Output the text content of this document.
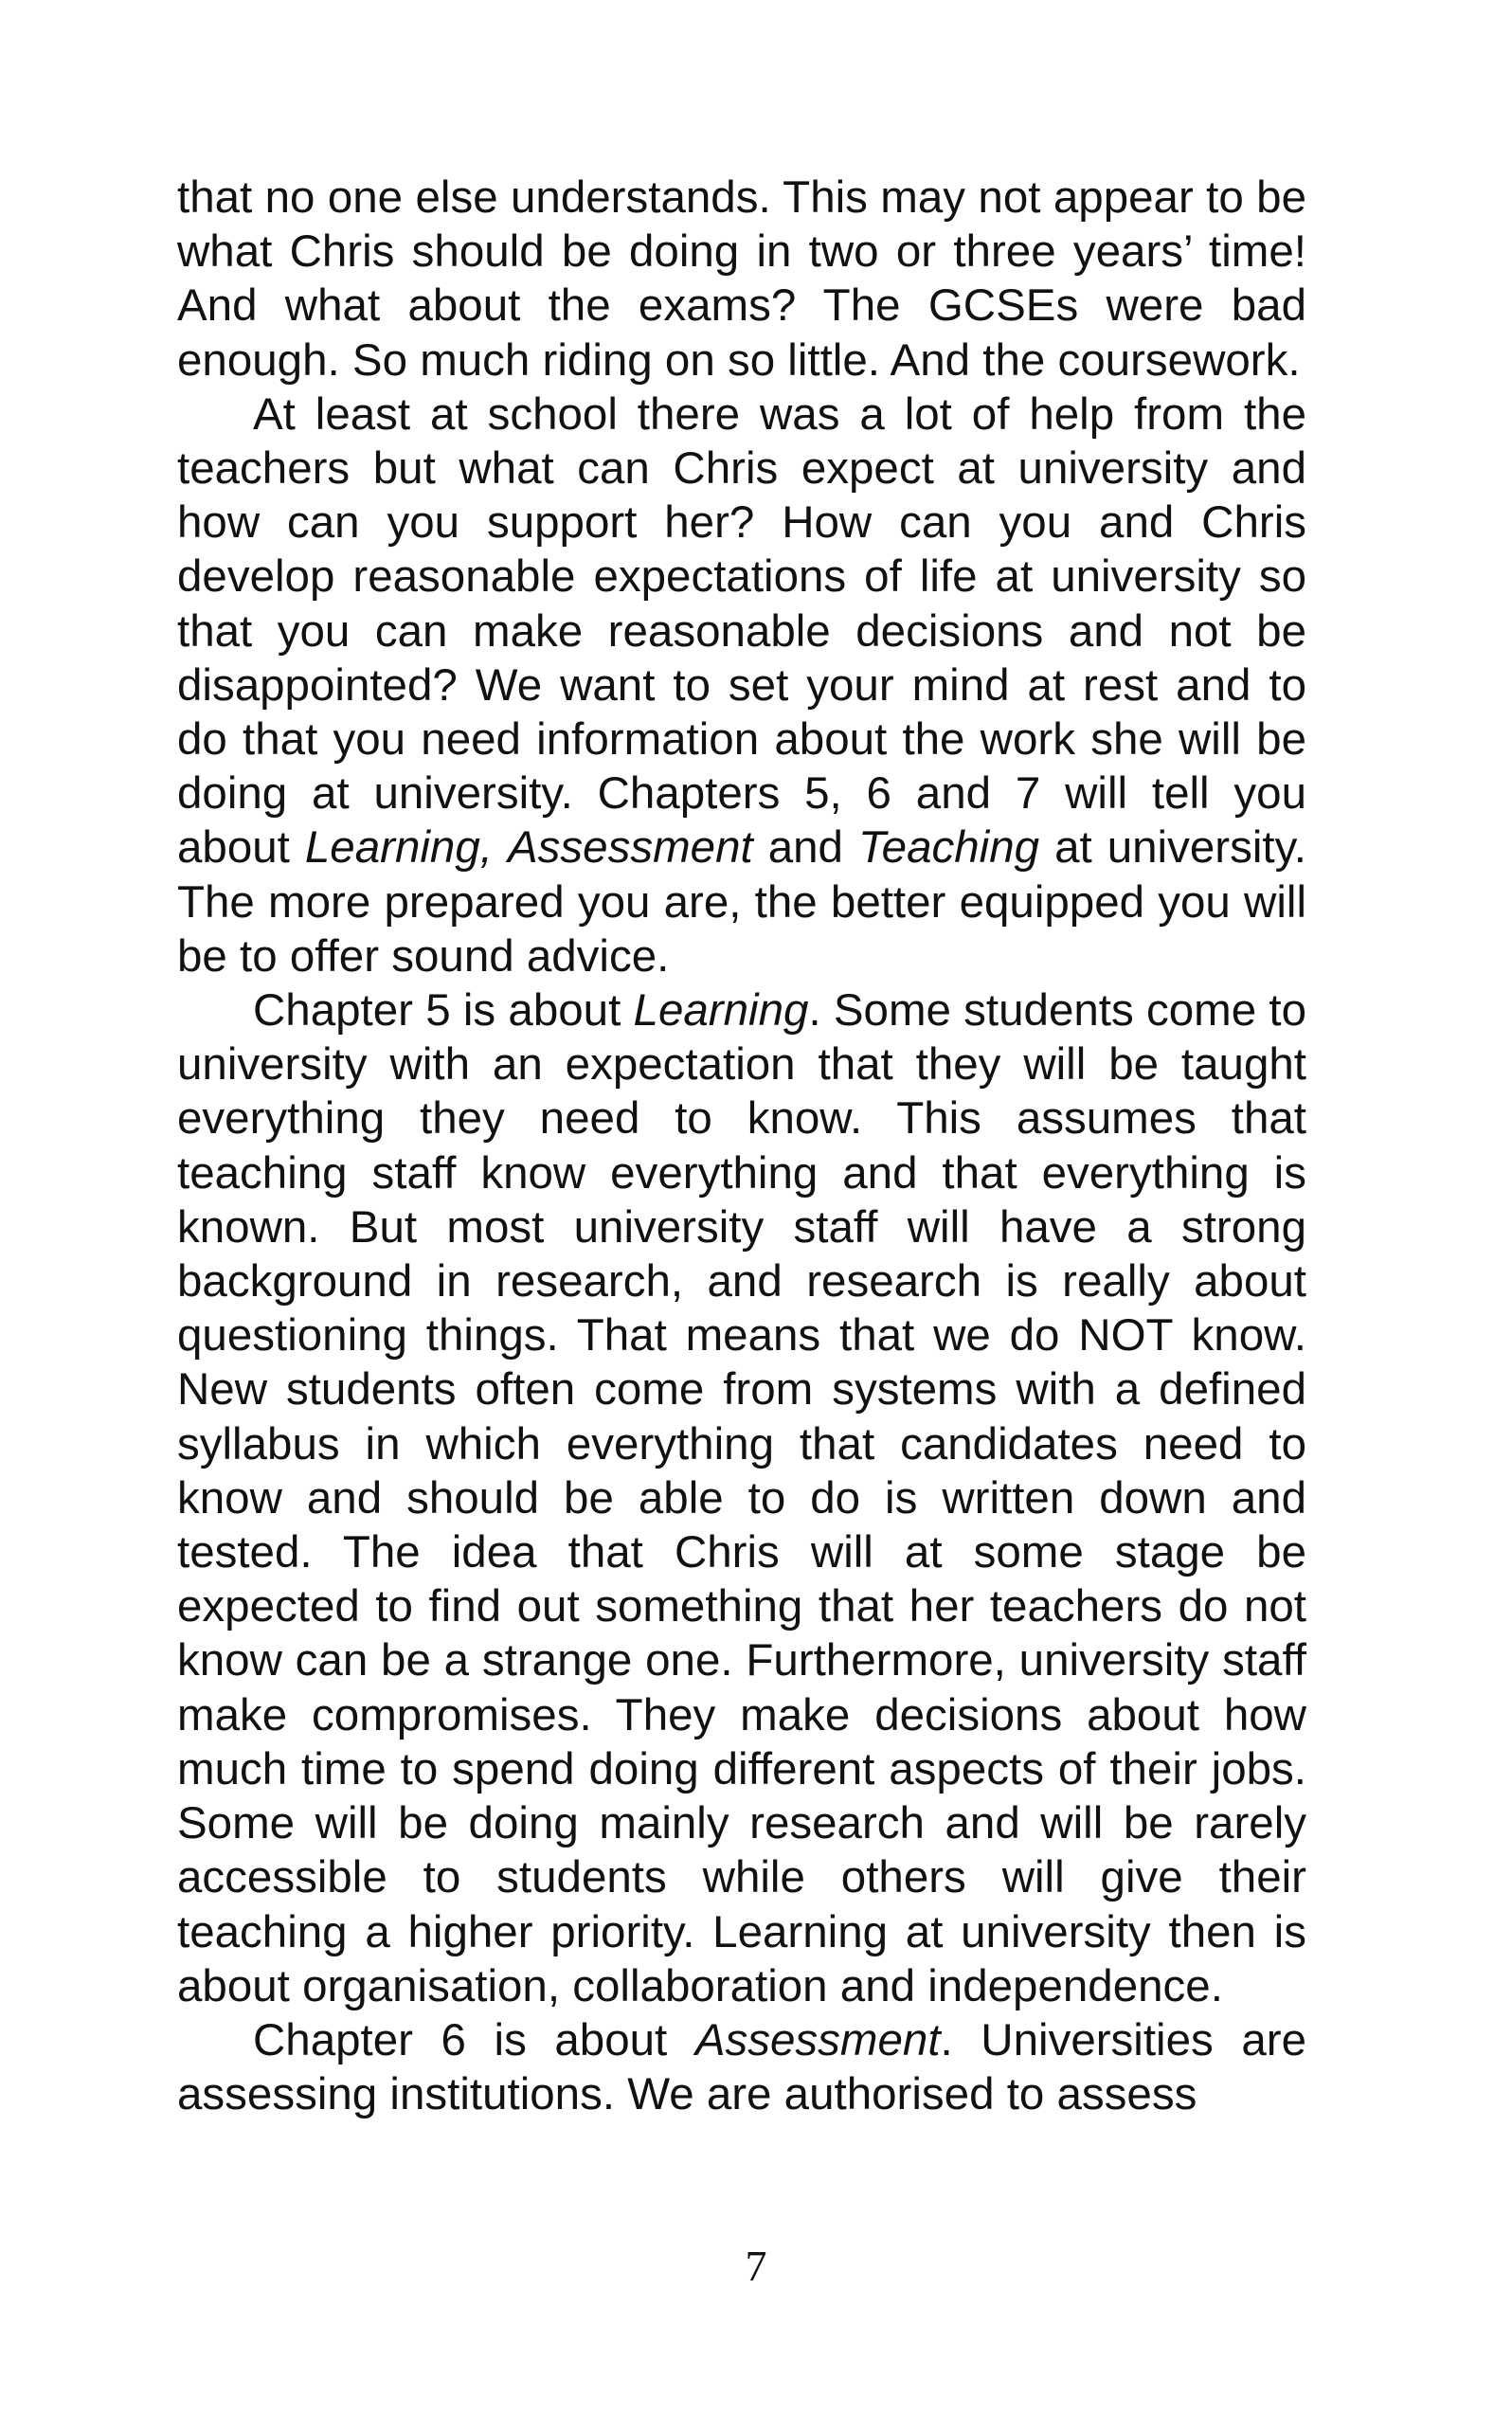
that no one else understands. This may not appear to be what Chris should be doing in two or three years’ time! And what about the exams? The GCSEs were bad enough. So much riding on so little. And the coursework.

At least at school there was a lot of help from the teachers but what can Chris expect at university and how can you support her? How can you and Chris develop reasonable expectations of life at university so that you can make reasonable decisions and not be disappointed? We want to set your mind at rest and to do that you need information about the work she will be doing at university. Chapters 5, 6 and 7 will tell you about Learning, Assessment and Teaching at university. The more prepared you are, the better equipped you will be to offer sound advice.

Chapter 5 is about Learning. Some students come to university with an expectation that they will be taught everything they need to know. This assumes that teaching staff know everything and that everything is known. But most university staff will have a strong background in research, and research is really about questioning things. That means that we do NOT know. New students often come from systems with a defined syllabus in which everything that candidates need to know and should be able to do is written down and tested. The idea that Chris will at some stage be expected to find out something that her teachers do not know can be a strange one. Furthermore, university staff make compromises. They make decisions about how much time to spend doing different aspects of their jobs. Some will be doing mainly research and will be rarely accessible to students while others will give their teaching a higher priority. Learning at university then is about organisation, collaboration and independence.

Chapter 6 is about Assessment. Universities are assessing institutions. We are authorised to assess

7
